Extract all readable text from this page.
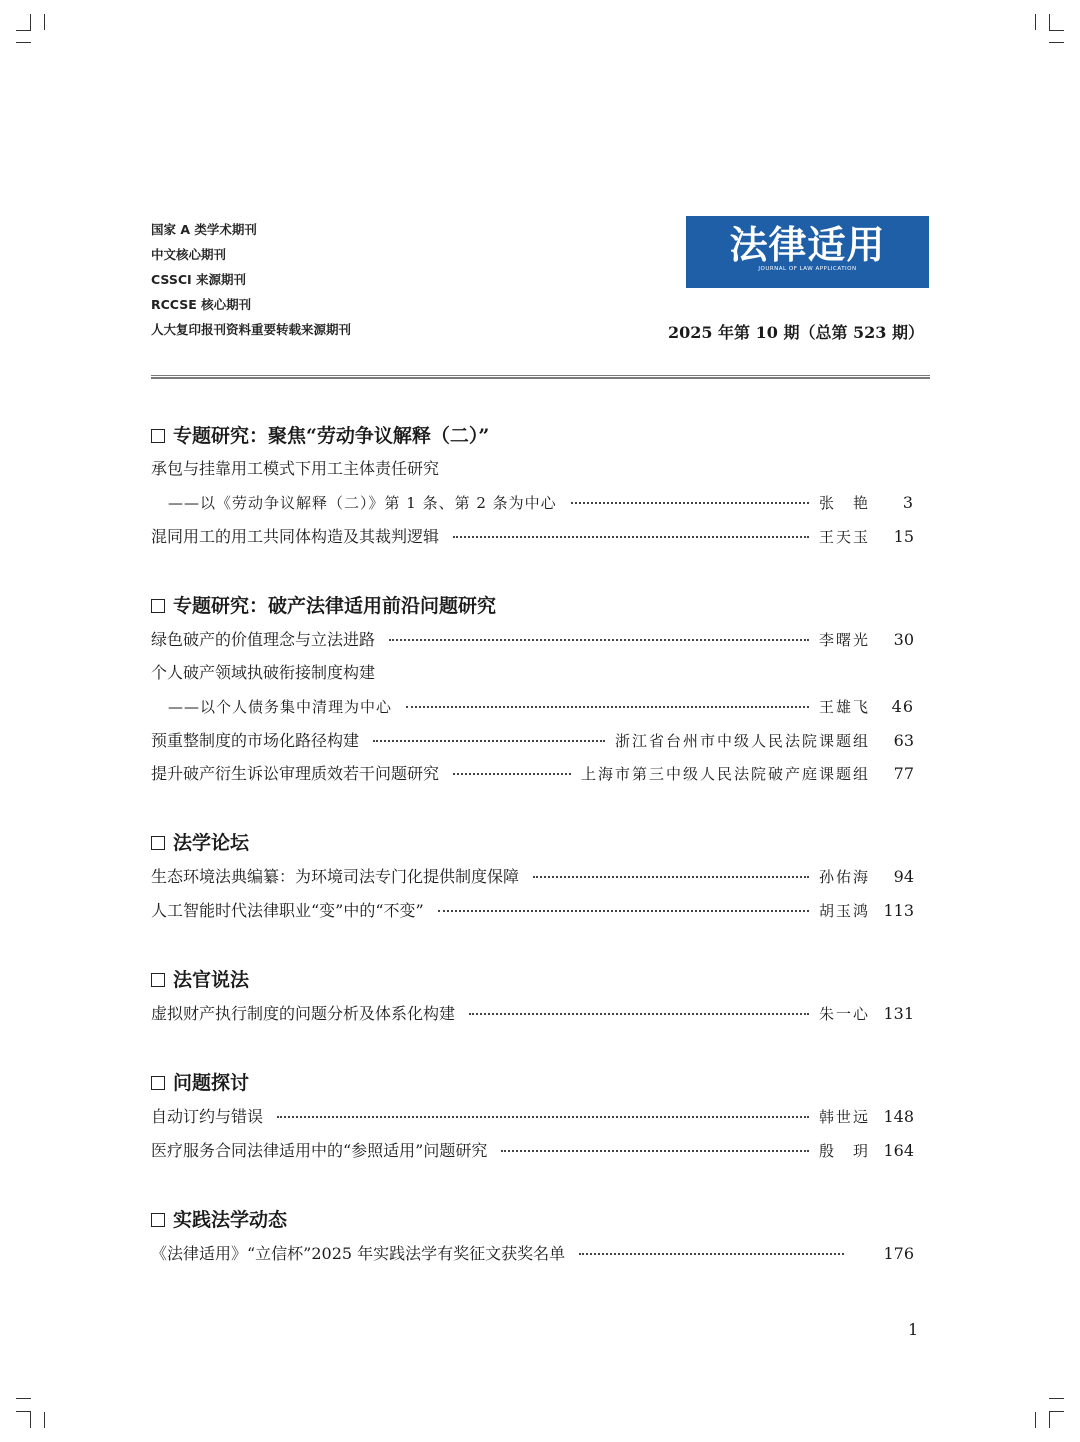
国家 A 类学术期刊
中文核心期刊
CSSCI 来源期刊
RCCSE 核心期刊
人大复印报刊资料重要转载来源期刊
法律适用
JOURNAL OF LAW APPLICATION
2025 年第 10 期（总第 523 期）
专题研究：聚焦“劳动争议解释（二）”
承包与挂靠用工模式下用工主体责任研究
——以《劳动争议解释（二）》第 1 条、第 2 条为中心	张　艳	3
混同用工的用工共同体构造及其裁判逻辑	王天玉	15
专题研究：破产法律适用前沿问题研究
绿色破产的价值理念与立法进路	李曙光	30
个人破产领域执破衔接制度构建
——以个人债务集中清理为中心	王雄飞	46
预重整制度的市场化路径构建	浙江省台州市中级人民法院课题组	63
提升破产衍生诉讼审理质效若干问题研究	上海市第三中级人民法院破产庭课题组	77
法学论坛
生态环境法典编纂：为环境司法专门化提供制度保障	孙佑海	94
人工智能时代法律职业“变”中的“不变”	胡玉鸿 113
法官说法
虚拟财产执行制度的问题分析及体系化构建	朱一心 131
问题探讨
自动订约与错误	韩世远 148
医疗服务合同法律适用中的“参照适用”问题研究	殷　玥 164
实践法学动态
《法律适用》“立信杯”2025 年实践法学有奖征文获奖名单	176
1
